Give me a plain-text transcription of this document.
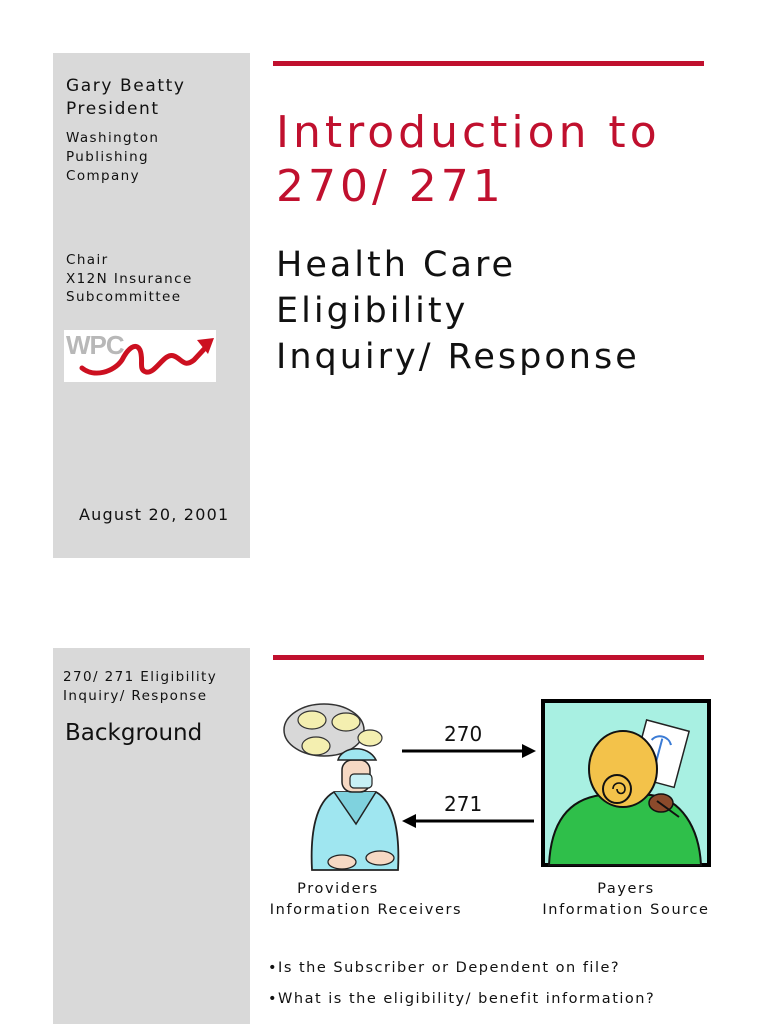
Gary Beatty
President
Washington
Publishing
Company
Chair
X12N Insurance
Subcommittee
WPC
August 20, 2001
Introduction to
270/ 271
Health Care
Eligibility
Inquiry/ Response
270/ 271 Eligibility
Inquiry/ Response
Background	270
271
Providers
Information Receivers
Payers
Information Source
•Is the Subscriber or Dependent on file?
•What is the eligibility/ benefit information?
